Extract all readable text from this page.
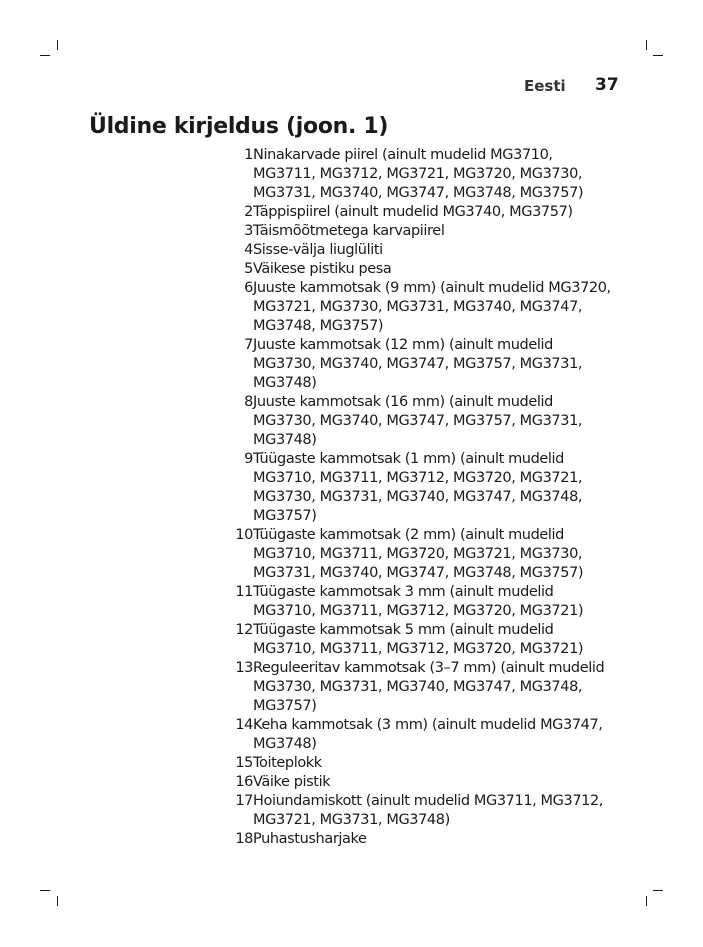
Eesti 37
Üldine kirjeldus (joon. 1)
1 Ninakarvade piirel (ainult mudelid MG3710, MG3711, MG3712, MG3721, MG3720, MG3730, MG3731, MG3740, MG3747, MG3748, MG3757)
2 Täppispiirel (ainult mudelid MG3740, MG3757)
3 Täismõõtmetega karvapiirel
4 Sisse-välja liuglüliti
5 Väikese pistiku pesa
6 Juuste kammotsak (9 mm) (ainult mudelid MG3720, MG3721, MG3730, MG3731, MG3740, MG3747, MG3748, MG3757)
7 Juuste kammotsak (12 mm) (ainult mudelid MG3730, MG3740, MG3747, MG3757, MG3731, MG3748)
8 Juuste kammotsak (16 mm) (ainult mudelid MG3730, MG3740, MG3747, MG3757, MG3731, MG3748)
9 Tüügaste kammotsak (1 mm) (ainult mudelid MG3710, MG3711, MG3712, MG3720, MG3721, MG3730, MG3731, MG3740, MG3747, MG3748, MG3757)
10 Tüügaste kammotsak (2 mm) (ainult mudelid MG3710, MG3711, MG3720, MG3721, MG3730, MG3731, MG3740, MG3747, MG3748, MG3757)
11 Tüügaste kammotsak 3 mm (ainult mudelid MG3710, MG3711, MG3712, MG3720, MG3721)
12 Tüügaste kammotsak 5 mm (ainult mudelid MG3710, MG3711, MG3712, MG3720, MG3721)
13 Reguleeritav kammotsak (3–7 mm) (ainult mudelid MG3730, MG3731, MG3740, MG3747, MG3748, MG3757)
14 Keha kammotsak (3 mm) (ainult mudelid MG3747, MG3748)
15 Toiteplokk
16 Väike pistik
17 Hoiundamiskott (ainult mudelid MG3711, MG3712, MG3721, MG3731, MG3748)
18 Puhastusharjake
